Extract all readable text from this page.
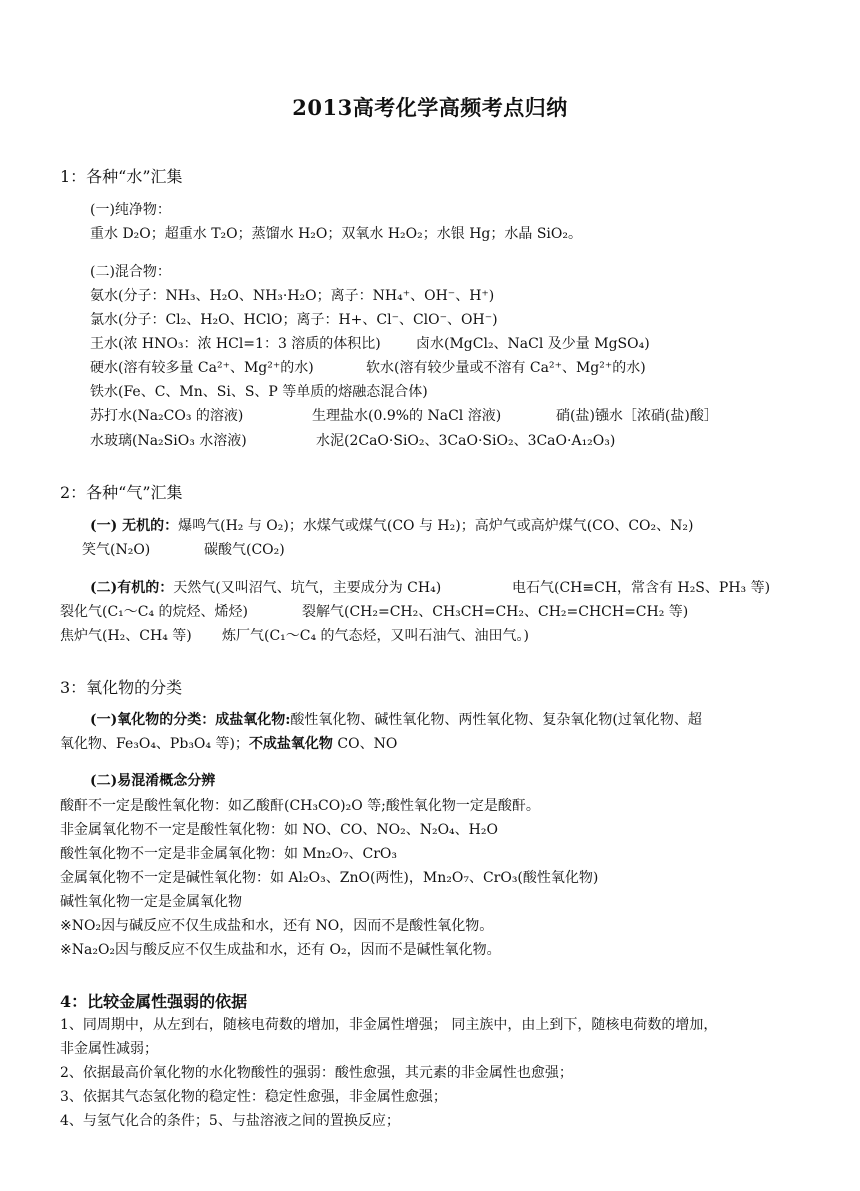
2013高考化学高频考点归纳
1：各种“水”汇集
(一)纯净物：
重水 D₂O；超重水 T₂O；蒸馏水 H₂O；双氧水 H₂O₂；水银 Hg；水晶 SiO₂。
(二)混合物：
氨水(分子：NH₃、H₂O、NH₃·H₂O；离子：NH₄⁺、OH⁻、H⁺)
氯水(分子：Cl₂、H₂O、HClO；离子：H+、Cl⁻、ClO⁻、OH⁻)
王水(浓 HNO₃：浓 HCl=1：3 溶质的体积比)	卤水(MgCl₂、NaCl 及少量 MgSO₄)
硬水(溶有较多量 Ca²⁺、Mg²⁺的水)	软水(溶有较少量或不溶有 Ca²⁺、Mg²⁺的水)
铁水(Fe、C、Mn、Si、S、P 等单质的熔融态混合体)
苏打水(Na₂CO₃ 的溶液)	生理盐水(0.9%的 NaCl 溶液)	硝(盐)镪水［浓硝(盐)酸］
水玻璃(Na₂SiO₃ 水溶液)	水泥(2CaO·SiO₂、3CaO·SiO₂、3CaO·A₁₂O₃)
2：各种“气”汇集
(一) 无机的：爆鸣气(H₂ 与 O₂)；水煤气或煤气(CO 与 H₂)；高炉气或高炉煤气(CO、CO₂、N₂)
笑气(N₂O)	碳酸气(CO₂)
(二)有机的：天然气(又叫沼气、坑气，主要成分为 CH₄)	电石气(CH≡CH，常含有 H₂S、PH₃ 等)
裂化气(C₁～C₄ 的烷烃、烯烃)	裂解气(CH₂=CH₂、CH₃CH=CH₂、CH₂=CHCH=CH₂ 等)
焦炉气(H₂、CH₄ 等) 炼厂气(C₁～C₄ 的气态烃，又叫石油气、油田气。)
3：氧化物的分类
(一)氧化物的分类：成盐氧化物:酸性氧化物、碱性氧化物、两性氧化物、复杂氧化物(过氧化物、超
氧化物、Fe₃O₄、Pb₃O₄ 等)；不成盐氧化物 CO、NO
(二)易混淆概念分辨
酸酐不一定是酸性氧化物：如乙酸酐(CH₃CO)₂O 等;酸性氧化物一定是酸酐。
非金属氧化物不一定是酸性氧化物：如 NO、CO、NO₂、N₂O₄、H₂O
酸性氧化物不一定是非金属氧化物：如 Mn₂O₇、CrO₃
金属氧化物不一定是碱性氧化物：如 Al₂O₃、ZnO(两性)，Mn₂O₇、CrO₃(酸性氧化物)
碱性氧化物一定是金属氧化物
※NO₂因与碱反应不仅生成盐和水，还有 NO，因而不是酸性氧化物。
※Na₂O₂因与酸反应不仅生成盐和水，还有 O₂，因而不是碱性氧化物。
4：比较金属性强弱的依据
1、同周期中，从左到右，随核电荷数的增加，非金属性增强； 同主族中，由上到下，随核电荷数的增加，
非金属性减弱；
2、依据最高价氧化物的水化物酸性的强弱：酸性愈强，其元素的非金属性也愈强；
3、依据其气态氢化物的稳定性：稳定性愈强，非金属性愈强；
4、与氢气化合的条件；5、与盐溶液之间的置换反应；
